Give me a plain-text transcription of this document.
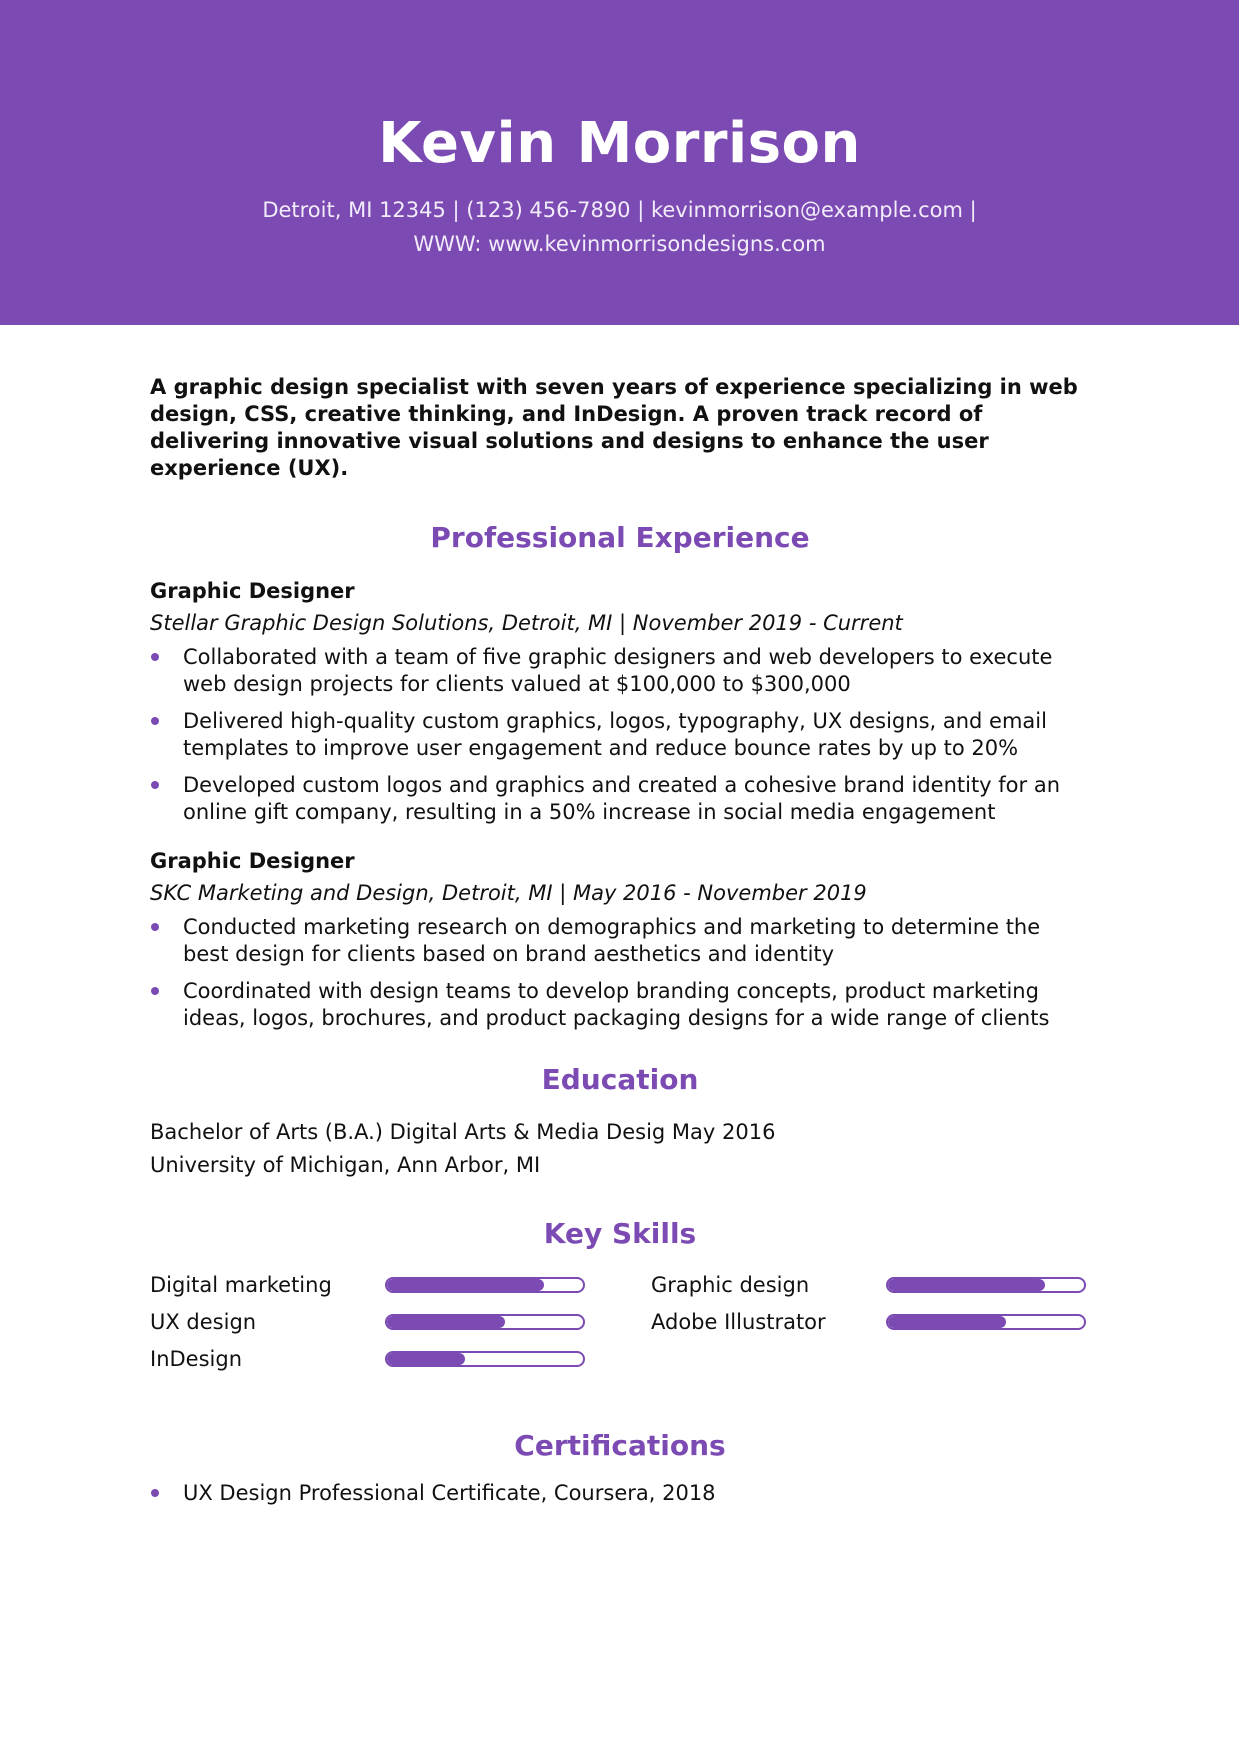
Kevin Morrison
Detroit, MI 12345 | (123) 456-7890 | kevinmorrison@example.com |
WWW: www.kevinmorrisondesigns.com

A graphic design specialist with seven years of experience specializing in web design, CSS, creative thinking, and InDesign. A proven track record of delivering innovative visual solutions and designs to enhance the user experience (UX).

Professional Experience

Graphic Designer

Stellar Graphic Design Solutions, Detroit, MI | November 2019 - Current

Collaborated with a team of five graphic designers and web developers to execute web design projects for clients valued at $100,000 to $300,000
Delivered high-quality custom graphics, logos, typography, UX designs, and email templates to improve user engagement and reduce bounce rates by up to 20%
Developed custom logos and graphics and created a cohesive brand identity for an online gift company, resulting in a 50% increase in social media engagement

Graphic Designer

SKC Marketing and Design, Detroit, MI | May 2016 - November 2019

Conducted marketing research on demographics and marketing to determine the best design for clients based on brand aesthetics and identity
Coordinated with design teams to develop branding concepts, product marketing ideas, logos, brochures, and product packaging designs for a wide range of clients
Education

Bachelor of Arts (B.A.) Digital Arts & Media Desig May 2016

University of Michigan, Ann Arbor, MI

Key Skills
Digital marketing	Graphic design
UX design	Adobe Illustrator
InDesign
Certifications
UX Design Professional Certificate, Coursera, 2018
